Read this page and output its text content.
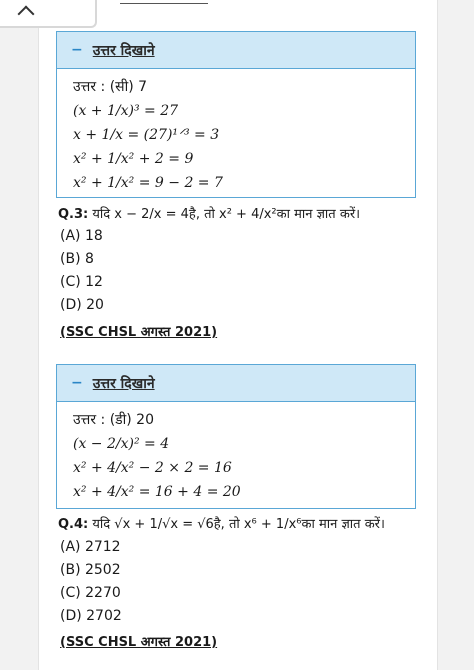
− उत्तर दिखाने
उत्तर : (सी) 7
(x + 1/x)³ = 27
x + 1/x = (27)¹ᐟ³ = 3
x² + 1/x² + 2 = 9
x² + 1/x² = 9 − 2 = 7
Q.3: यदि x − 2/x = 4है, तो x² + 4/x²का मान ज्ञात करें।
(A) 18
(B) 8
(C) 12
(D) 20
(SSC CHSL अगस्त 2021)
− उत्तर दिखाने
उत्तर : (डी) 20
(x − 2/x)² = 4
x² + 4/x² − 2 × 2 = 16
x² + 4/x² = 16 + 4 = 20
Q.4: यदि √x + 1/√x = √6है, तो x⁶ + 1/x⁶का मान ज्ञात करें।
(A) 2712
(B) 2502
(C) 2270
(D) 2702
(SSC CHSL अगस्त 2021)
